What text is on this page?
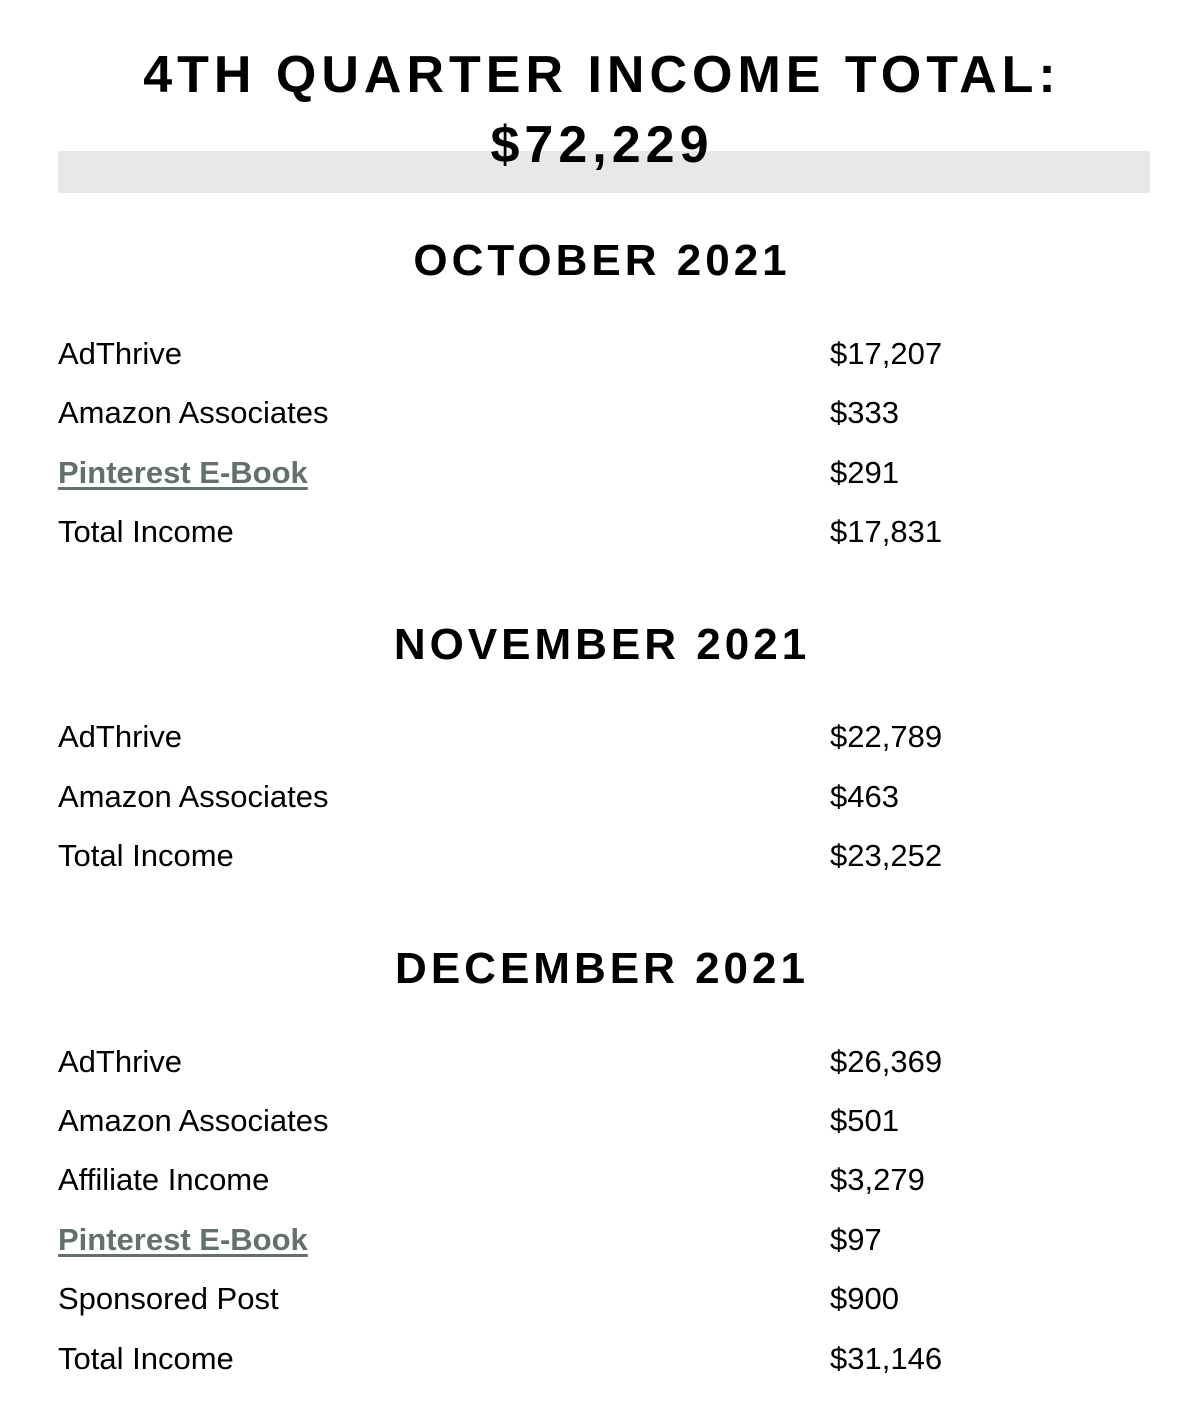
4TH QUARTER INCOME TOTAL:
$72,229
OCTOBER 2021
AdThrive	$17,207
Amazon Associates	$333
Pinterest E-Book	$291
Total Income	$17,831
NOVEMBER 2021
AdThrive	$22,789
Amazon Associates	$463
Total Income	$23,252
DECEMBER 2021
AdThrive	$26,369
Amazon Associates	$501
Affiliate Income	$3,279
Pinterest E-Book	$97
Sponsored Post	$900
Total Income	$31,146
